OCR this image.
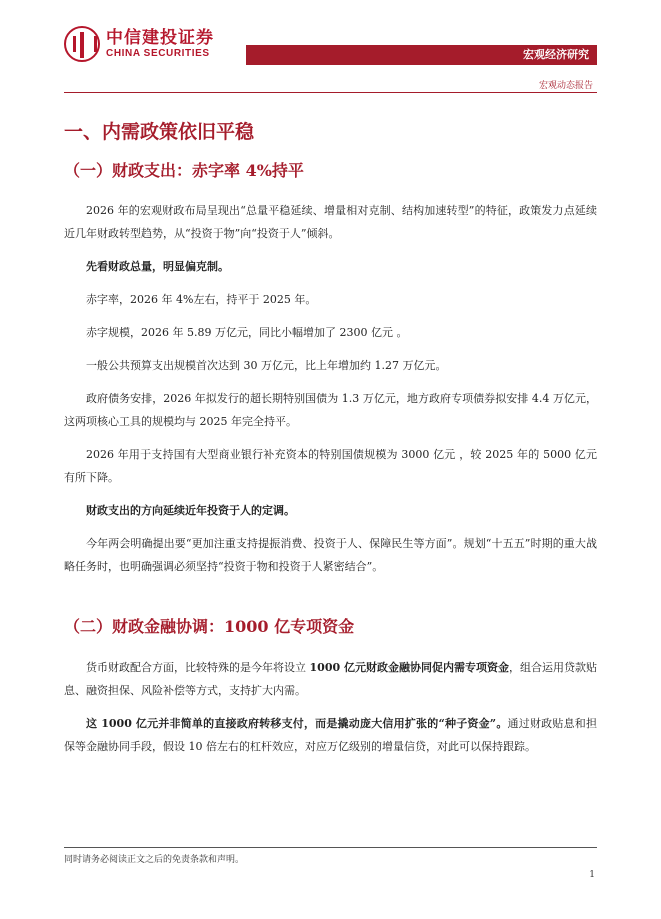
中信建投证券
CHINA SECURITIES	宏观经济研究
宏观动态报告
一、内需政策依旧平稳
（一）财政支出：赤字率 4%持平

2026 年的宏观财政布局呈现出“总量平稳延续、增量相对克制、结构加速转型”的特征，政策发力点延续近几年财政转型趋势，从“投资于物”向“投资于人”倾斜。

先看财政总量，明显偏克制。

赤字率，2026 年 4%左右，持平于 2025 年。

赤字规模，2026 年 5.89 万亿元，同比小幅增加了 2300 亿元 。

一般公共预算支出规模首次达到 30 万亿元，比上年增加约 1.27 万亿元。

政府债务安排，2026 年拟发行的超长期特别国债为 1.3 万亿元，地方政府专项债券拟安排 4.4 万亿元，这两项核心工具的规模均与 2025 年完全持平。

2026 年用于支持国有大型商业银行补充资本的特别国债规模为 3000 亿元 ，较 2025 年的 5000 亿元有所下降。

财政支出的方向延续近年投资于人的定调。

今年两会明确提出要“更加注重支持提振消费、投资于人、保障民生等方面”。规划“十五五”时期的重大战略任务时，也明确强调必须坚持“投资于物和投资于人紧密结合”。

（二）财政金融协调：1000 亿专项资金

货币财政配合方面，比较特殊的是今年将设立 1000 亿元财政金融协同促内需专项资金，组合运用贷款贴息、融资担保、风险补偿等方式，支持扩大内需。

这 1000 亿元并非简单的直接政府转移支付，而是撬动庞大信用扩张的“种子资金”。通过财政贴息和担保等金融协同手段，假设 10 倍左右的杠杆效应，对应万亿级别的增量信贷，对此可以保持跟踪。

同时请务必阅读正文之后的免责条款和声明。
1
